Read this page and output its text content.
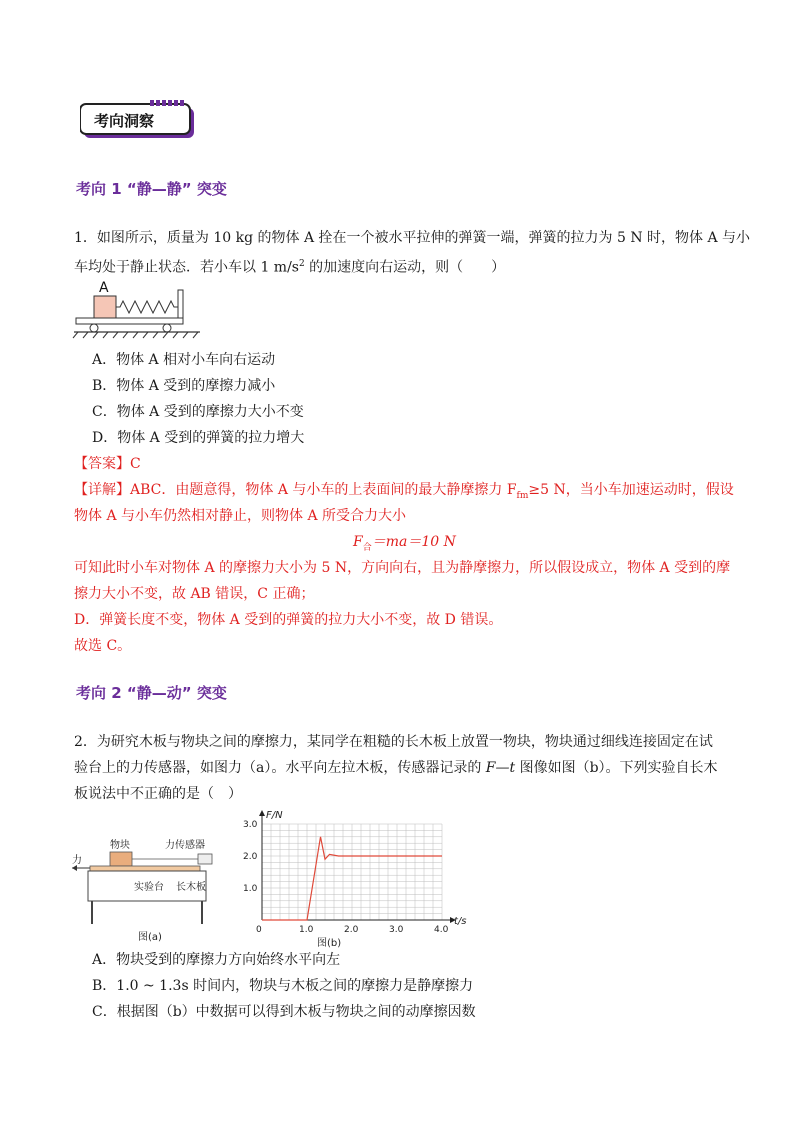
考向洞察
考向 1 “静—静” 突变
1．如图所示，质量为 10 kg 的物体 A 拴在一个被水平拉伸的弹簧一端，弹簧的拉力为 5 N 时，物体 A 与小
车均处于静止状态．若小车以 1 $m/s^2$ 的加速度向右运动，则（　　）
A
A．物体 A 相对小车向右运动
B．物体 A 受到的摩擦力减小
C．物体 A 受到的摩擦力大小不变
D．物体 A 受到的弹簧的拉力增大
【答案】C
【详解】ABC．由题意得，物体 A 与小车的上表面间的最大静摩擦力 $F_{fm}\ge 5$ N，当小车加速运动时，假设
物体 A 与小车仍然相对静止，则物体 A 所受合力大小
$F_合=ma=10$ N
可知此时小车对物体 A 的摩擦力大小为 5 N，方向向右，且为静摩擦力，所以假设成立，物体 A 受到的摩
擦力大小不变，故 AB 错误，C 正确；
D．弹簧长度不变，物体 A 受到的弹簧的拉力大小不变，故 D 错误。
故选 C。
考向 2 “静—动” 突变
2．为研究木板与物块之间的摩擦力，某同学在粗糙的长木板上放置一物块，物块通过细线连接固定在试
验台上的力传感器，如图力（a）。水平向左拉木板，传感器记录的 F—t 图像如图（b）。下列实验自长木
板说法中不正确的是（　）
物块	力传感器
力
实验台 长木板
图(a)
0	1.0	2.0	3.0	4.0
1.0
2.0
3.0
F/N
t/s
图(b)
A．物块受到的摩擦力方向始终水平向左
B．1.0 ~ 1.3s 时间内，物块与木板之间的摩擦力是静摩擦力
C．根据图（b）中数据可以得到木板与物块之间的动摩擦因数
